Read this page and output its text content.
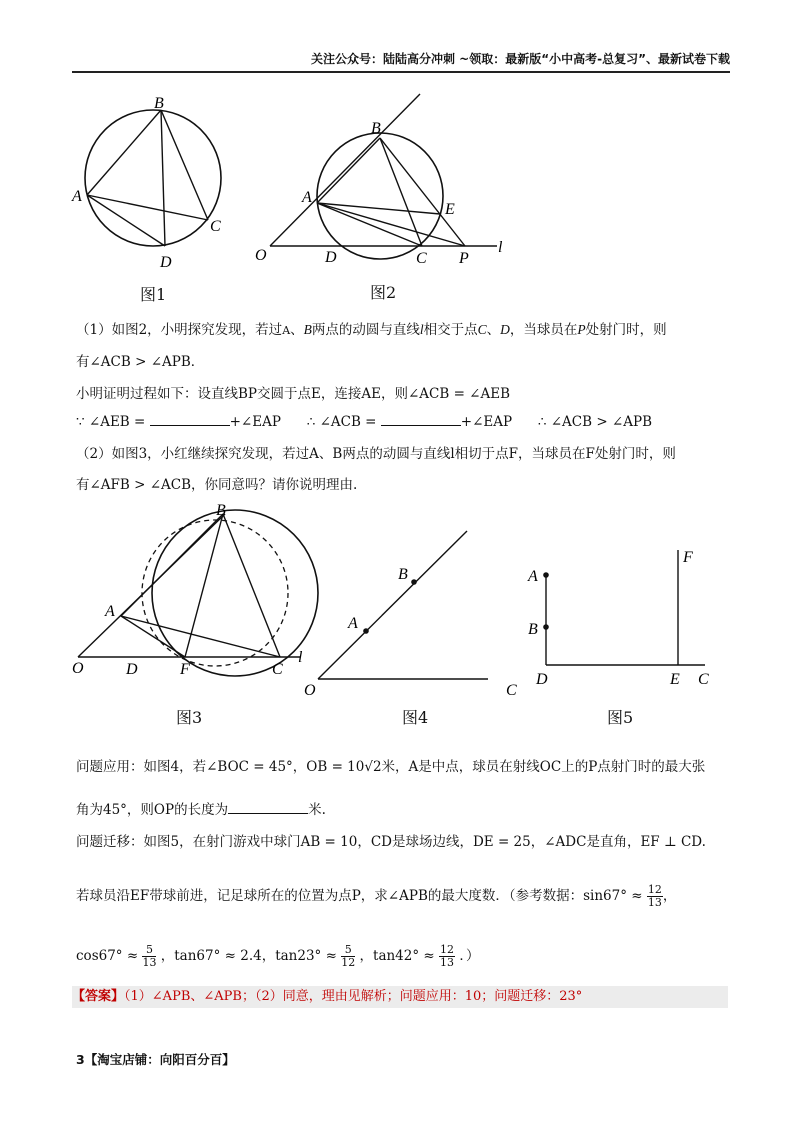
关注公众号：陆陆高分冲刺 ~领取：最新版“小中高考-总复习”、最新试卷下载
B
A
C
D
图1
B
A
E
O	D	C P
l
图2
（1）如图2，小明探究发现，若过A、B两点的动圆与直线l相交于点C、D，当球员在P处射门时，则
有∠ACB > ∠APB．
小明证明过程如下：设直线BP交圆于点E，连接AE，则∠ACB = ∠AEB
∵ ∠AEB =	+∠EAP ∴ ∠ACB =	+∠EAP ∴ ∠ACB > ∠APB
（2）如图3，小红继续探究发现，若过A、B两点的动圆与直线l相切于点F，当球员在F处射门时，则
有∠AFB > ∠ACB，你同意吗？请你说明理由.
B
A
O	D	F	C
l
图3
A
B
O	C
图4
A
B
D	E C
F
图5
问题应用：如图4，若∠BOC = 45°，OB = 10√2米，A是中点，球员在射线OC上的P点射门时的最大张
角为45°，则OP的长度为	米.
问题迁移：如图5，在射门游戏中球门AB = 10，CD是球场边线，DE = 25，∠ADC是直角，EF ⊥ CD.
若球员沿EF带球前进，记足球所在的位置为点P，求∠APB的最大度数．（参考数据：$\sin 67^\circ \approx \frac{12}{13}$ ，
$\cos 67^\circ \approx \frac{5}{13}$ ，tan67° ≈ 2.4，$\tan 23^\circ \approx \frac{5}{12}$ ，$\tan 42^\circ \approx \frac{12}{13}$ ．）
【答案】（1）∠APB、∠APB；（2）同意，理由见解析；问题应用：10；问题迁移：23°
3【淘宝店铺：向阳百分百】
